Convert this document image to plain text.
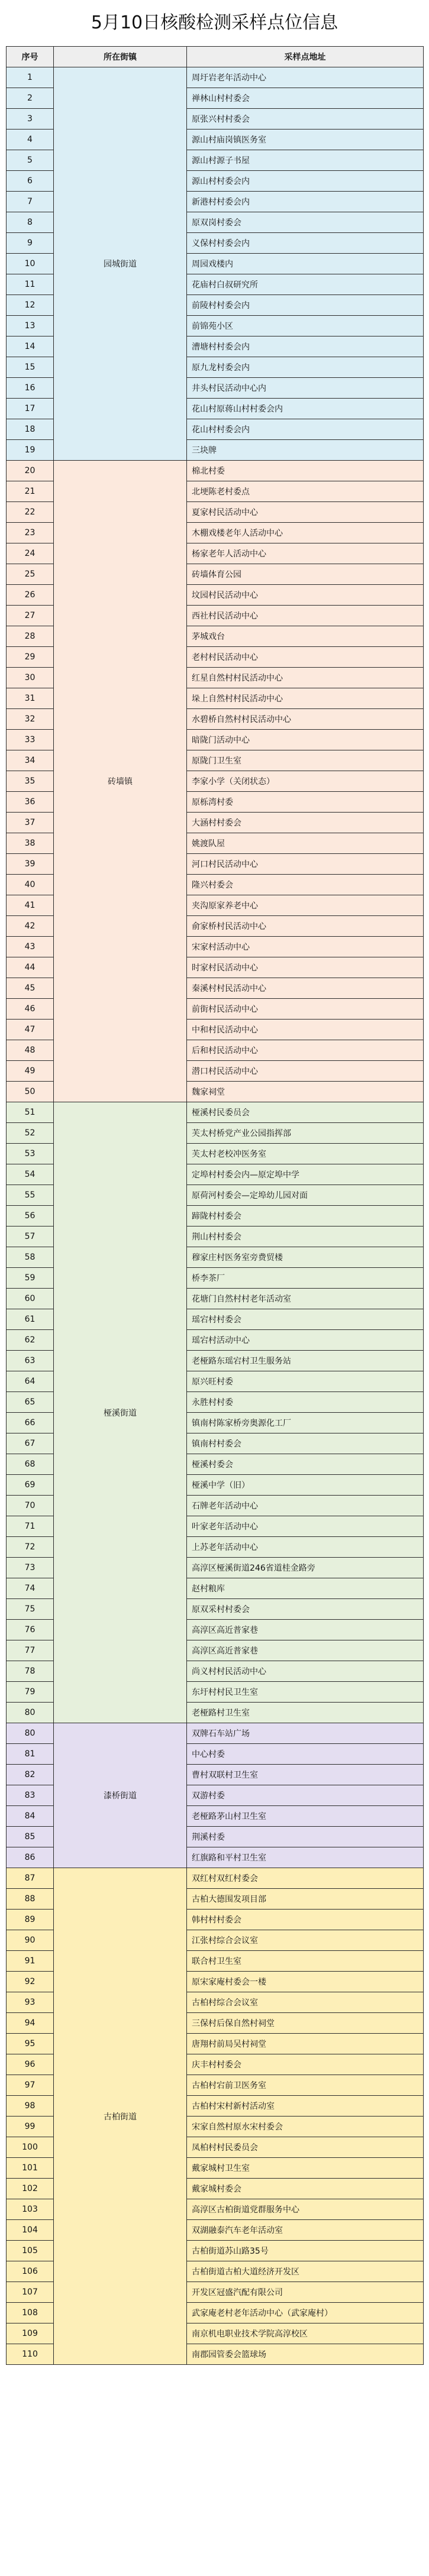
5月10日核酸检测采样点位信息
序号	所在街镇	采样点地址
1	园城街道	周圩岩老年活动中心
2		禅林山村村委会
3		原张兴村村委会
4		源山村庙岗镇医务室
5		源山村源子书屋
6		源山村村委会内
7		新港村村委会内
8		原双岗村委会
9		义保村村委会内
10		周园戏楼内
11		花庙村白叔研究所
12		前陵村村委会内
13		前锦苑小区
14		漕塘村村委会内
15		原九龙村委会内
16		井头村民活动中心内
17		花山村原蒋山村村委会内
18		花山村村委会内
19		三块牌
20	砖墙镇	棉北村委
21		北埂陈老村委点
22		夏家村民活动中心
23		木棚戏楼老年人活动中心
24		杨家老年人活动中心
25		砖墙体育公园
26		坟园村民活动中心
27		西社村民活动中心
28		茅城戏台
29		老村村民活动中心
30		红星自然村村民活动中心
31		垛上自然村村民活动中心
32		水碧桥自然村村民活动中心
33		暗陇门活动中心
34		原陇门卫生室
35		李家小学（关闭状态）
36		原栎湾村委
37		大涵村村委会
38		姚渡队屋
39		河口村民活动中心
40		隆兴村委会
41		夹沟原家养老中心
42		俞家桥村民活动中心
43		宋家村活动中心
44		时家村民活动中心
45		秦溪村村民活动中心
46		前街村民活动中心
47		中和村民活动中心
48		后和村民活动中心
49		潜口村民活动中心
50		魏家祠堂
51	桠溪街道	桠溪村民委员会
52		芙太村桥党产业公园指挥部
53		芙太村老校冲医务室
54		定埠村村委会内—原定埠中学
55		原荷河村委会—定埠幼儿园对面
56		蹄陇村村委会
57		荆山村村委会
58		穆家庄村医务室旁费贸楼
59		桥李茶厂
60		花塘门自然村村老年活动室
61		瑶宕村村委会
62		瑶宕村活动中心
63		老桠路东瑶宕村卫生服务站
64		原兴旺村委
65		永胜村村委
66		镇南村陈家桥旁奥源化工厂
67		镇南村村委会
68		桠溪村委会
69		桠溪中学（旧）
70		石牌老年活动中心
71		叶家老年活动中心
72		上苏老年活动中心
73		高淳区桠溪街道246省道桂金路旁
74		赵村粮库
75		原双采村村委会
76		高淳区高近普家巷
77		高淳区高近普家巷
78		尚义村村民活动中心
79		东圩村村民卫生室
80		老桠路村卫生室
80	漆桥街道	双牌石车站广场
81		中心村委
82		曹村双联村卫生室
83		双游村委
84		老桠路茅山村卫生室
85		荆溪村委
86		红旗路和平村卫生室
87	古柏街道	双红村双红村委会
88		古柏大德围发项目部
89		韩村村村委会
90		江张村综合会议室
91		联合村卫生室
92		原宋家庵村委会一楼
93		古柏村综合会议室
94		三保村后保自然村祠堂
95		唐翔村前局吴村祠堂
96		庆丰村村委会
97		古柏村宕前卫医务室
98		古柏村宋村新村活动室
99		宋家自然村原水宋村委会
100		凤柏村村民委员会
101		戴家城村卫生室
102		戴家城村委会
103		高淳区古柏街道党群服务中心
104		双湖融泰汽车老年活动室
105		古柏街道苏山路35号
106		古柏街道古柏大道经济开发区
107		开发区冠盛汽配有限公司
108		武家庵老村老年活动中心（武家庵村）
109		南京机电职业技术学院高淳校区
110		南郡园管委会篮球场
